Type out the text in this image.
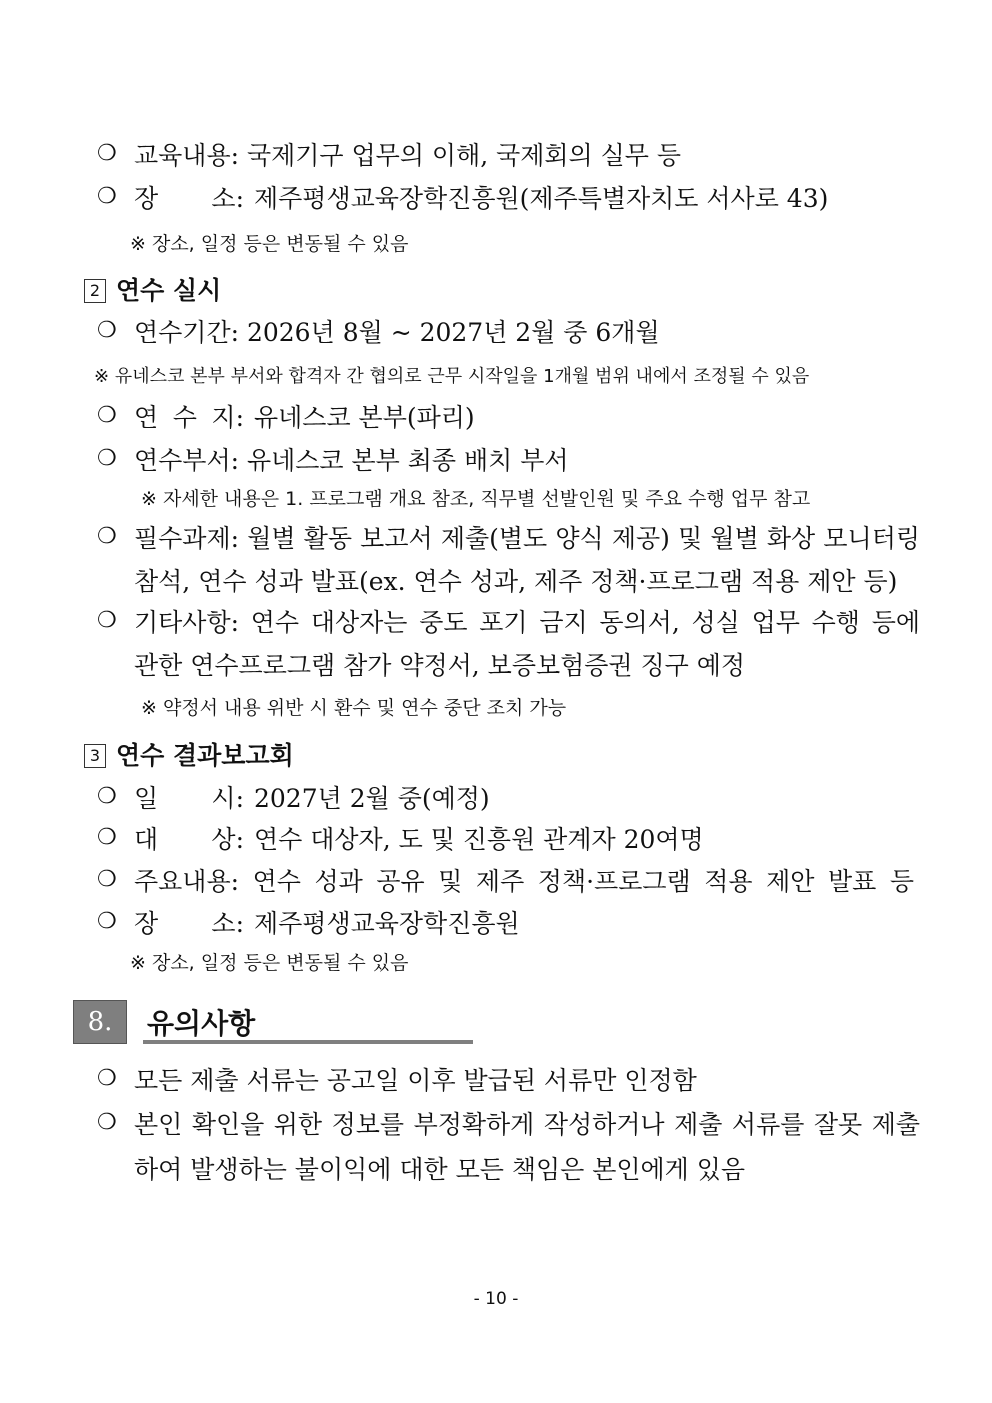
❍ 교육내용: 국제기구 업무의 이해, 국제회의 실무 등
❍ 장 소: 제주평생교육장학진흥원(제주특별자치도 서사로 43)
※ 장소, 일정 등은 변동될 수 있음
2 연수 실시
❍ 연수기간: 2026년 8월 ~ 2027년 2월 중 6개월
※ 유네스코 본부 부서와 합격자 간 협의로 근무 시작일을 1개월 범위 내에서 조정될 수 있음
❍ 연 수 지: 유네스코 본부(파리)
❍ 연수부서: 유네스코 본부 최종 배치 부서
※ 자세한 내용은 1. 프로그램 개요 참조, 직무별 선발인원 및 주요 수행 업무 참고
❍ 필수과제: 월별 활동 보고서 제출(별도 양식 제공) 및 월별 화상 모니터링
참석, 연수 성과 발표(ex. 연수 성과, 제주 정책·프로그램 적용 제안 등)
❍ 기타사항: 연수 대상자는 중도 포기 금지 동의서, 성실 업무 수행 등에
관한 연수프로그램 참가 약정서, 보증보험증권 징구 예정
※ 약정서 내용 위반 시 환수 및 연수 중단 조치 가능
3 연수 결과보고회
❍ 일 시: 2027년 2월 중(예정)
❍ 대 상: 연수 대상자, 도 및 진흥원 관계자 20여명
❍ 주요내용: 연수 성과 공유 및 제주 정책·프로그램 적용 제안 발표 등
❍ 장 소: 제주평생교육장학진흥원
※ 장소, 일정 등은 변동될 수 있음
8.	유의사항
❍ 모든 제출 서류는 공고일 이후 발급된 서류만 인정함
❍ 본인 확인을 위한 정보를 부정확하게 작성하거나 제출 서류를 잘못 제출
하여 발생하는 불이익에 대한 모든 책임은 본인에게 있음
- 10 -
